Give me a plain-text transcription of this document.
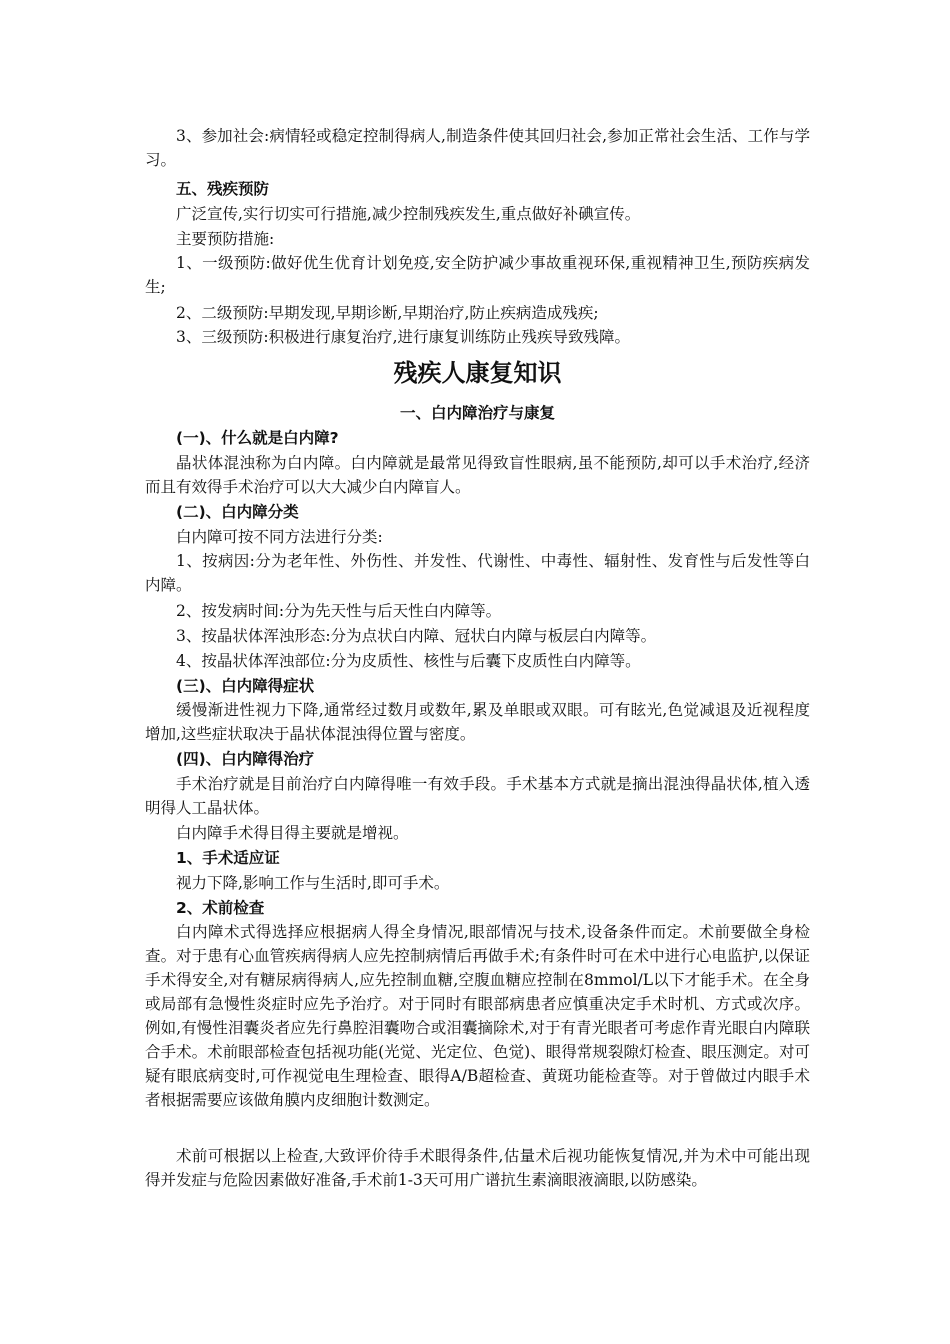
3、参加社会:病情轻或稳定控制得病人,制造条件使其回归社会,参加正常社会生活、工作与学习。

五、残疾预防

广泛宣传,实行切实可行措施,减少控制残疾发生,重点做好补碘宣传。

主要预防措施:

1、一级预防:做好优生优育计划免疫,安全防护减少事故重视环保,重视精神卫生,预防疾病发生;

2、二级预防:早期发现,早期诊断,早期治疗,防止疾病造成残疾;

3、三级预防:积极进行康复治疗,进行康复训练防止残疾导致残障。

残疾人康复知识
一、白内障治疗与康复

(一)、什么就是白内障?

晶状体混浊称为白内障。白内障就是最常见得致盲性眼病,虽不能预防,却可以手术治疗,经济而且有效得手术治疗可以大大减少白内障盲人。

(二)、白内障分类

白内障可按不同方法进行分类:

1、按病因:分为老年性、外伤性、并发性、代谢性、中毒性、辐射性、发育性与后发性等白内障。

2、按发病时间:分为先天性与后天性白内障等。

3、按晶状体浑浊形态:分为点状白内障、冠状白内障与板层白内障等。

4、按晶状体浑浊部位:分为皮质性、核性与后囊下皮质性白内障等。

(三)、白内障得症状

缓慢渐进性视力下降,通常经过数月或数年,累及单眼或双眼。可有眩光,色觉减退及近视程度增加,这些症状取决于晶状体混浊得位置与密度。

(四)、白内障得治疗

手术治疗就是目前治疗白内障得唯一有效手段。手术基本方式就是摘出混浊得晶状体,植入透明得人工晶状体。

白内障手术得目得主要就是增视。

1、手术适应证

视力下降,影响工作与生活时,即可手术。

2、术前检查

白内障术式得选择应根据病人得全身情况,眼部情况与技术,设备条件而定。术前要做全身检查。对于患有心血管疾病得病人应先控制病情后再做手术;有条件时可在术中进行心电监护,以保证手术得安全,对有糖尿病得病人,应先控制血糖,空腹血糖应控制在8mmol/L以下才能手术。在全身或局部有急慢性炎症时应先予治疗。对于同时有眼部病患者应慎重决定手术时机、方式或次序。例如,有慢性泪囊炎者应先行鼻腔泪囊吻合或泪囊摘除术,对于有青光眼者可考虑作青光眼白内障联合手术。术前眼部检查包括视功能(光觉、光定位、色觉)、眼得常规裂隙灯检查、眼压测定。对可疑有眼底病变时,可作视觉电生理检查、眼得A/B超检查、黄斑功能检查等。对于曾做过内眼手术者根据需要应该做角膜内皮细胞计数测定。

术前可根据以上检查,大致评价待手术眼得条件,估量术后视功能恢复情况,并为术中可能出现得并发症与危险因素做好准备,手术前1-3天可用广谱抗生素滴眼液滴眼,以防感染。
